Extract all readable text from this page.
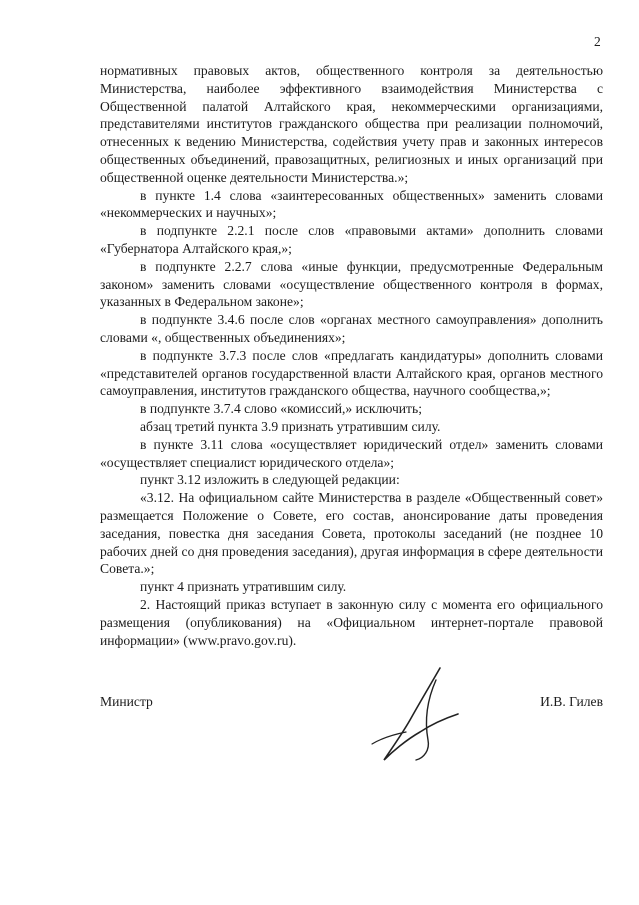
2

нормативных правовых актов, общественного контроля за деятельностью Министерства, наиболее эффективного взаимодействия Министерства с Общественной палатой Алтайского края, некоммерческими организациями, представителями институтов гражданского общества при реализации полномочий, отнесенных к ведению Министерства, содействия учету прав и законных интересов общественных объединений, правозащитных, религиозных и иных организаций при общественной оценке деятельности Министерства.»;

в пункте 1.4 слова «заинтересованных общественных» заменить словами «некоммерческих и научных»;

в подпункте 2.2.1 после слов «правовыми актами» дополнить словами «Губернатора Алтайского края,»;

в подпункте 2.2.7 слова «иные функции, предусмотренные Федеральным законом» заменить словами «осуществление общественного контроля в формах, указанных в Федеральном законе»;

в подпункте 3.4.6 после слов «органах местного самоуправления» дополнить словами «, общественных объединениях»;

в подпункте 3.7.3 после слов «предлагать кандидатуры» дополнить словами «представителей органов государственной власти Алтайского края, органов местного самоуправления, институтов гражданского общества, научного сообщества,»;

в подпункте 3.7.4 слово «комиссий,» исключить;

абзац третий пункта 3.9 признать утратившим силу.

в пункте 3.11 слова «осуществляет юридический отдел» заменить словами «осуществляет специалист юридического отдела»;

пункт 3.12 изложить в следующей редакции:

«3.12. На официальном сайте Министерства в разделе «Общественный совет» размещается Положение о Совете, его состав, анонсирование даты проведения заседания, повестка дня заседания Совета, протоколы заседаний (не позднее 10 рабочих дней со дня проведения заседания), другая информация в сфере деятельности Совета.»;

пункт 4 признать утратившим силу.

2. Настоящий приказ вступает в законную силу с момента его официального размещения (опубликования) на «Официальном интернет-портале правовой информации» (www.pravo.gov.ru).

Министр	И.В. Гилев
